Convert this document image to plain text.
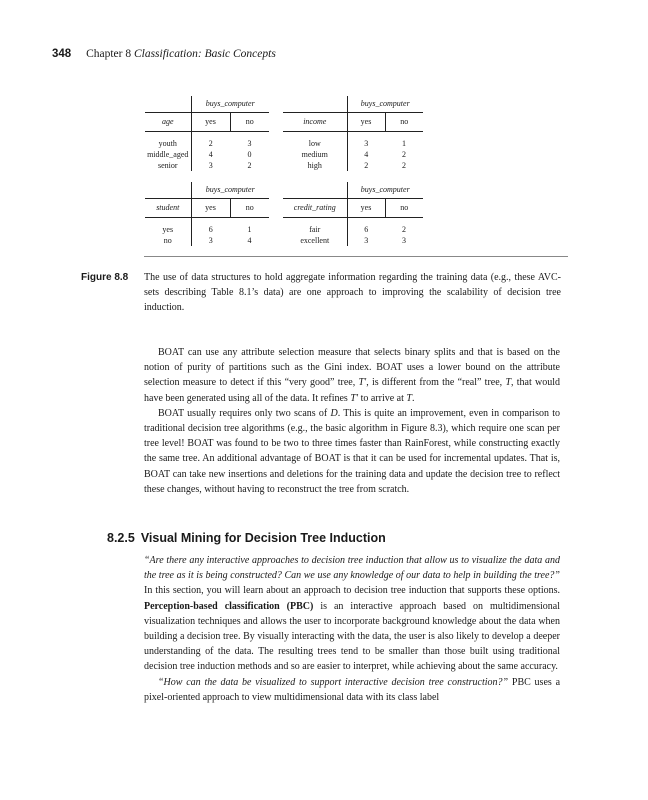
348 Chapter 8 Classification: Basic Concepts
	buys_computer	
age	yes	no

youth	2	3
middle_aged	4	0
senior	3	2
	buys_computer	
income	yes	no

low	3	1
medium	4	2
high	2	2
	buys_computer	
student	yes	no

yes	6	1
no	3	4
	buys_computer	
credit_rating	yes	no

fair	6	2
excellent	3	3
Figure 8.8 The use of data structures to hold aggregate information regarding the training data (e.g., these AVC-sets describing Table 8.1’s data) are one approach to improving the scalability of decision tree induction.

BOAT can use any attribute selection measure that selects binary splits and that is based on the notion of purity of partitions such as the Gini index. BOAT uses a lower bound on the attribute selection measure to detect if this “very good” tree, T′, is different from the “real” tree, T, that would have been generated using all of the data. It refines T′ to arrive at T.

BOAT usually requires only two scans of D. This is quite an improvement, even in comparison to traditional decision tree algorithms (e.g., the basic algorithm in Figure 8.3), which require one scan per tree level! BOAT was found to be two to three times faster than RainForest, while constructing exactly the same tree. An additional advantage of BOAT is that it can be used for incremental updates. That is, BOAT can take new insertions and deletions for the training data and update the decision tree to reflect these changes, without having to reconstruct the tree from scratch.

8.2.5 Visual Mining for Decision Tree Induction

“Are there any interactive approaches to decision tree induction that allow us to visualize the data and the tree as it is being constructed? Can we use any knowledge of our data to help in building the tree?” In this section, you will learn about an approach to decision tree induction that supports these options. Perception-based classification (PBC) is an interactive approach based on multidimensional visualization techniques and allows the user to incorporate background knowledge about the data when building a decision tree. By visually interacting with the data, the user is also likely to develop a deeper understanding of the data. The resulting trees tend to be smaller than those built using traditional decision tree induction methods and so are easier to interpret, while achieving about the same accuracy.

“How can the data be visualized to support interactive decision tree construction?” PBC uses a pixel-oriented approach to view multidimensional data with its class label
